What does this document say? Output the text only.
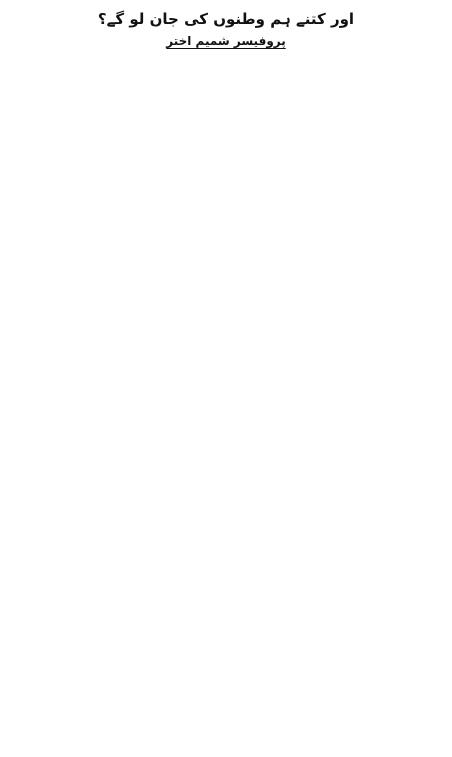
اور کتنے ہم وطنوں کی جان لو گے؟
پروفیسر شمیم اختر
